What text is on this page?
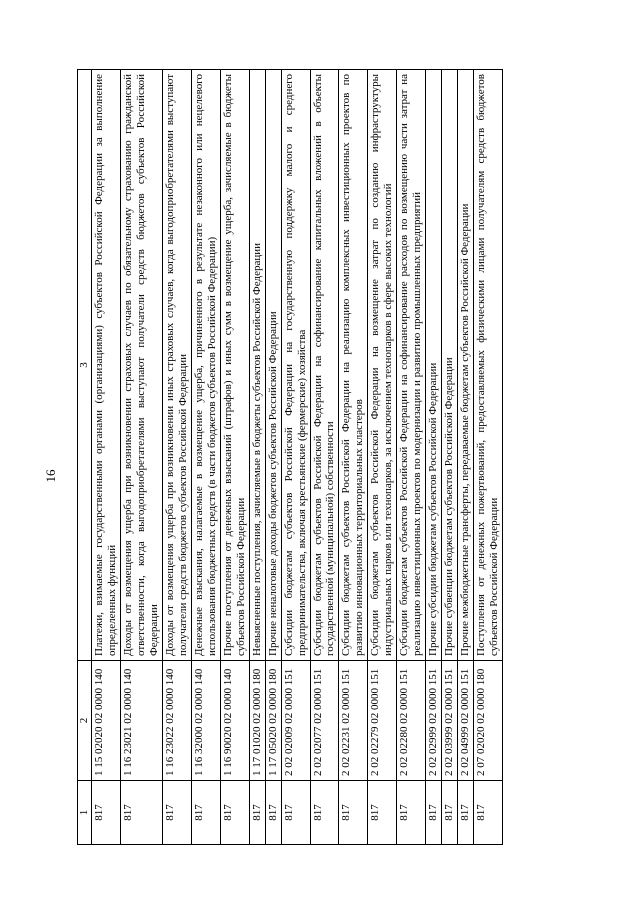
16
1	2	3
817	1 15 02020 02 0000 140	Платежи, взимаемые государственными органами (организациями) субъектов Российской Федерации за выполнение определенных функций
817	1 16 23021 02 0000 140	Доходы от возмещения ущерба при возникновении страховых случаев по обязательному страхованию гражданской ответственности, когда выгодоприобретателями выступают получатели средств бюджетов субъектов Российской Федерации
817	1 16 23022 02 0000 140	Доходы от возмещения ущерба при возникновении иных страховых случаев, когда выгодоприобретателями выступают получатели средств бюджетов субъектов Российской Федерации
817	1 16 32000 02 0000 140	Денежные взыскания, налагаемые в возмещение ущерба, причиненного в результате незаконного или нецелевого использования бюджетных средств (в части бюджетов субъектов Российской Федерации)
817	1 16 90020 02 0000 140	Прочие поступления от денежных взысканий (штрафов) и иных сумм в возмещение ущерба, зачисляемые в бюджеты субъектов Российской Федерации
817	1 17 01020 02 0000 180	Невыясненные поступления, зачисляемые в бюджеты субъектов Российской Федерации
817	1 17 05020 02 0000 180	Прочие неналоговые доходы бюджетов субъектов Российской Федерации
817	2 02 02009 02 0000 151	Субсидии бюджетам субъектов Российской Федерации на государственную поддержку малого и среднего предпринимательства, включая крестьянские (фермерские) хозяйства
817	2 02 02077 02 0000 151	Субсидии бюджетам субъектов Российской Федерации на софинансирование капитальных вложений в объекты государственной (муниципальной) собственности
817	2 02 02231 02 0000 151	Субсидии бюджетам субъектов Российской Федерации на реализацию комплексных инвестиционных проектов по развитию инновационных территориальных кластеров
817	2 02 02279 02 0000 151	Субсидии бюджетам субъектов Российской Федерации на возмещение затрат по созданию инфраструктуры индустриальных парков или технопарков, за исключением технопарков в сфере высоких технологий
817	2 02 02280 02 0000 151	Субсидии бюджетам субъектов Российской Федерации на софинансирование расходов по возмещению части затрат на реализацию инвестиционных проектов по модернизации и развитию промышленных предприятий
817	2 02 02999 02 0000 151	Прочие субсидии бюджетам субъектов Российской Федерации
817	2 02 03999 02 0000 151	Прочие субвенции бюджетам субъектов Российской Федерации
817	2 02 04999 02 0000 151	Прочие межбюджетные трансферты, передаваемые бюджетам субъектов Российской Федерации
817	2 07 02020 02 0000 180	Поступления от денежных пожертвований, предоставляемых физическими лицами получателям средств бюджетов субъектов Российской Федерации
